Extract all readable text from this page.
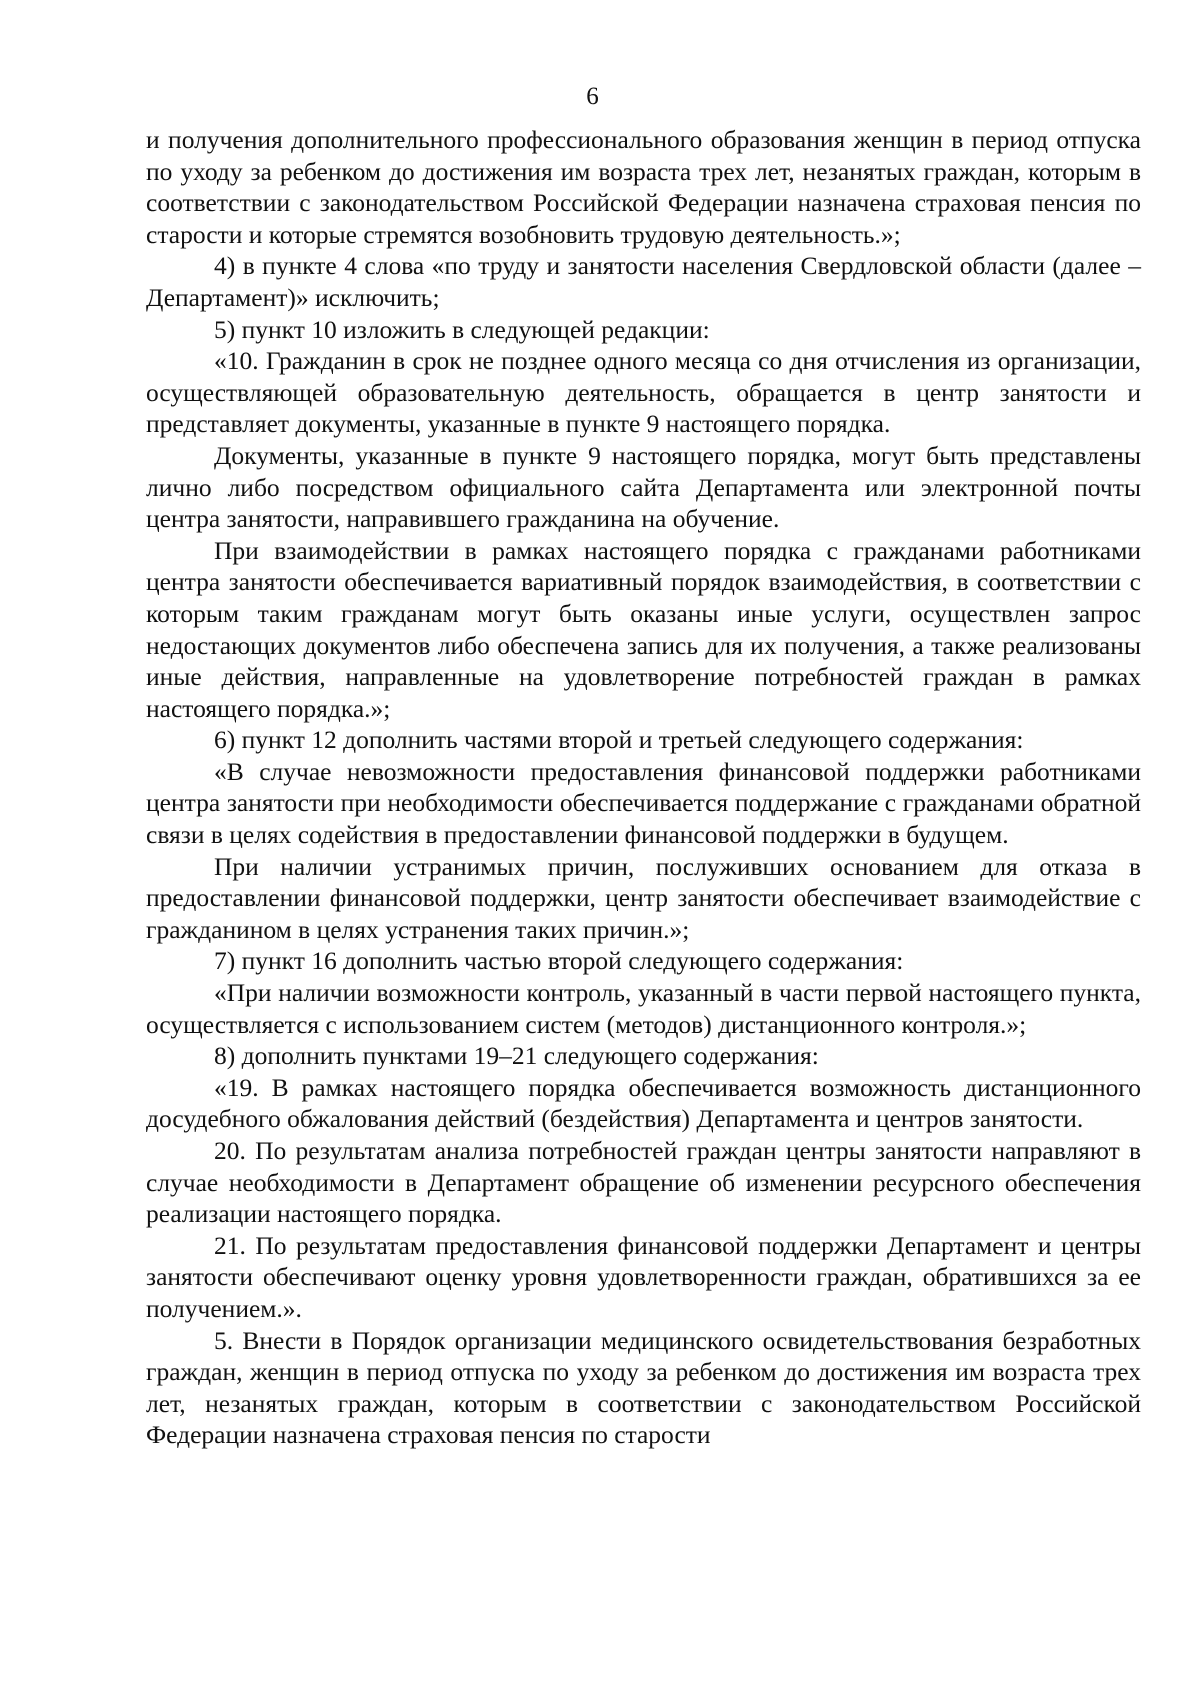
6

и получения дополнительного профессионального образования женщин в период отпуска по уходу за ребенком до достижения им возраста трех лет, незанятых граждан, которым в соответствии с законодательством Российской Федерации назначена страховая пенсия по старости и которые стремятся возобновить трудовую деятельность.»;

4) в пункте 4 слова «по труду и занятости населения Свердловской области (далее – Департамент)» исключить;

5) пункт 10 изложить в следующей редакции:

«10. Гражданин в срок не позднее одного месяца со дня отчисления из организации, осуществляющей образовательную деятельность, обращается в центр занятости и представляет документы, указанные в пункте 9 настоящего порядка.

Документы, указанные в пункте 9 настоящего порядка, могут быть представлены лично либо посредством официального сайта Департамента или электронной почты центра занятости, направившего гражданина на обучение.

При взаимодействии в рамках настоящего порядка с гражданами работниками центра занятости обеспечивается вариативный порядок взаимодействия, в соответствии с которым таким гражданам могут быть оказаны иные услуги, осуществлен запрос недостающих документов либо обеспечена запись для их получения, а также реализованы иные действия, направленные на удовлетворение потребностей граждан в рамках настоящего порядка.»;

6) пункт 12 дополнить частями второй и третьей следующего содержания:

«В случае невозможности предоставления финансовой поддержки работниками центра занятости при необходимости обеспечивается поддержание с гражданами обратной связи в целях содействия в предоставлении финансовой поддержки в будущем.

При наличии устранимых причин, послуживших основанием для отказа в предоставлении финансовой поддержки, центр занятости обеспечивает взаимодействие с гражданином в целях устранения таких причин.»;

7) пункт 16 дополнить частью второй следующего содержания:

«При наличии возможности контроль, указанный в части первой настоящего пункта, осуществляется с использованием систем (методов) дистанционного контроля.»;

8) дополнить пунктами 19–21 следующего содержания:

«19. В рамках настоящего порядка обеспечивается возможность дистанционного досудебного обжалования действий (бездействия) Департамента и центров занятости.

20. По результатам анализа потребностей граждан центры занятости направляют в случае необходимости в Департамент обращение об изменении ресурсного обеспечения реализации настоящего порядка.

21. По результатам предоставления финансовой поддержки Департамент и центры занятости обеспечивают оценку уровня удовлетворенности граждан, обратившихся за ее получением.».

5. Внести в Порядок организации медицинского освидетельствования безработных граждан, женщин в период отпуска по уходу за ребенком до достижения им возраста трех лет, незанятых граждан, которым в соответствии с законодательством Российской Федерации назначена страховая пенсия по старости
